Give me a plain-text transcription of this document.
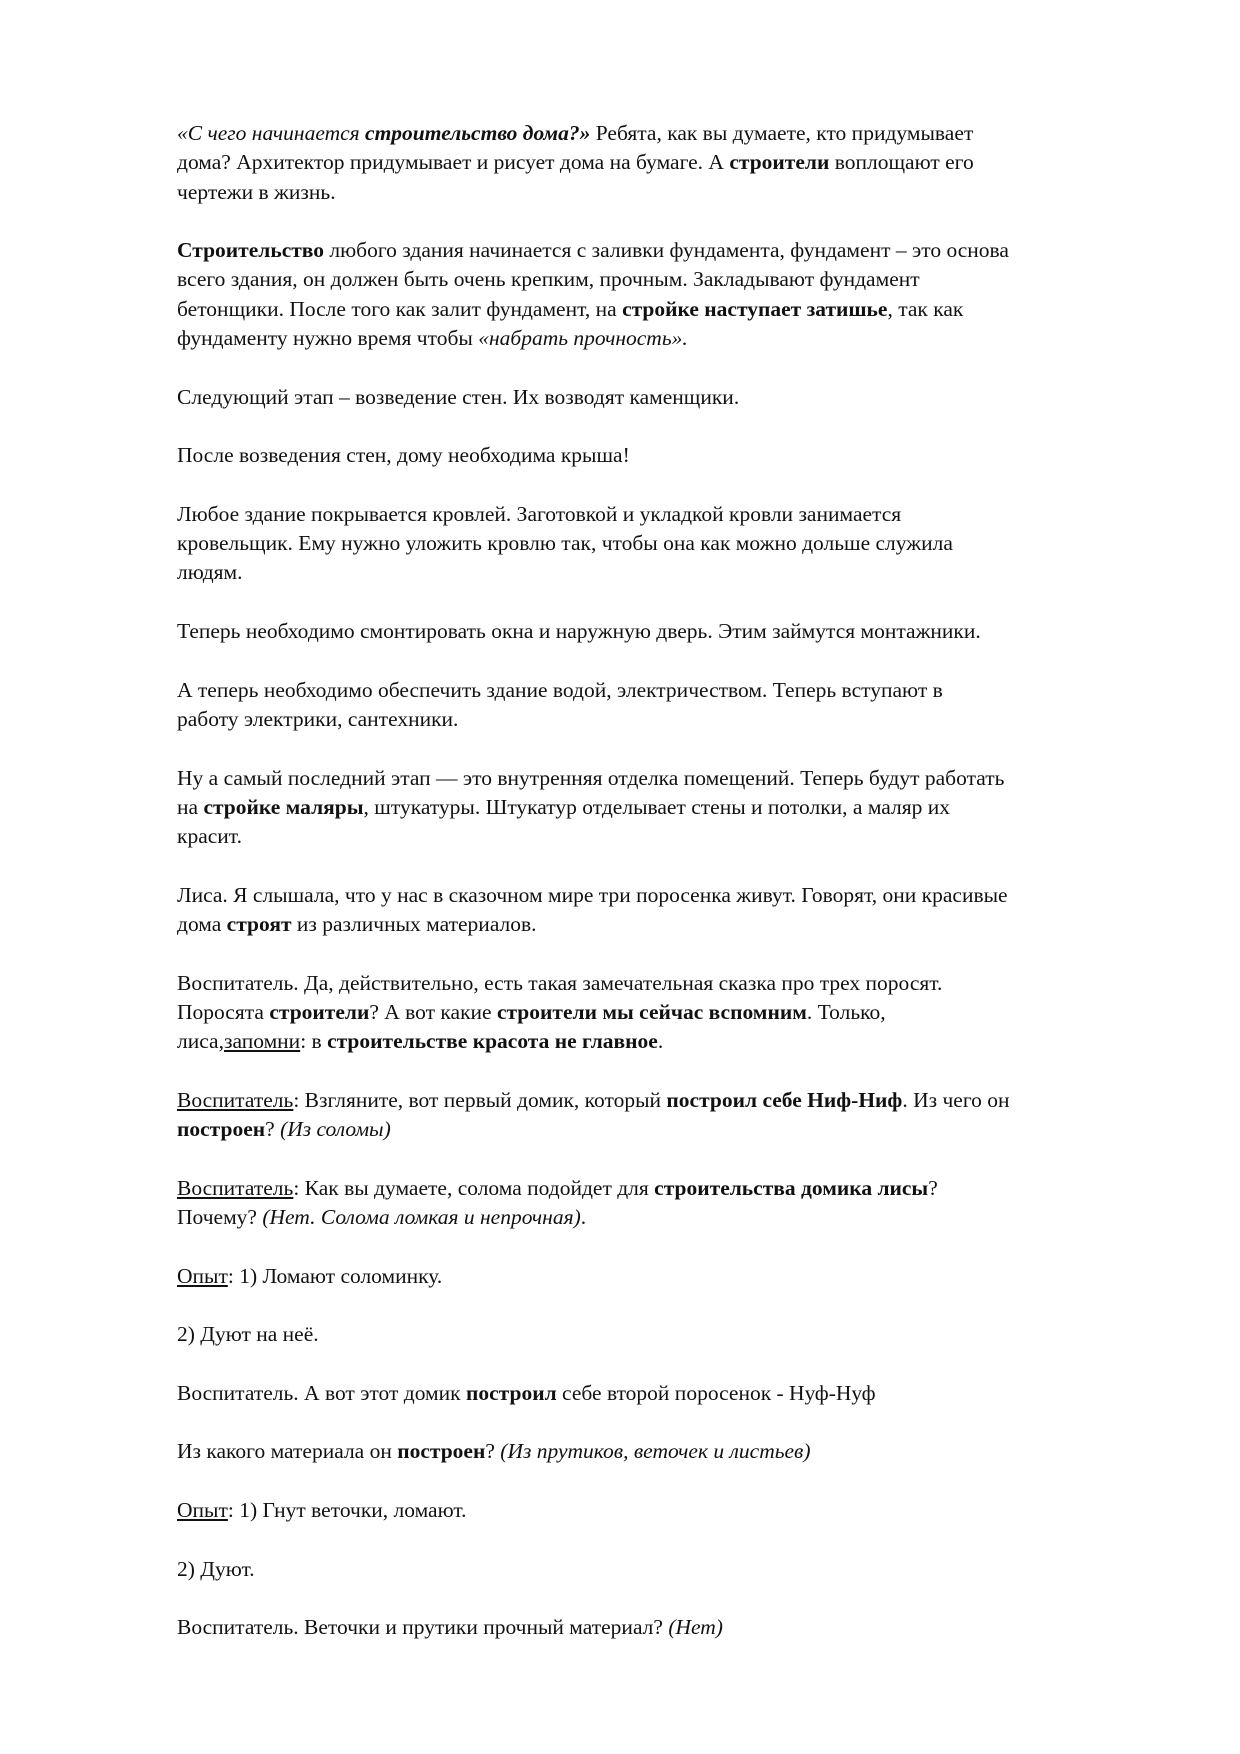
«С чего начинается строительство дома?» Ребята, как вы думаете, кто придумывает
дома? Архитектор придумывает и рисует дома на бумаге. А строители воплощают его
чертежи в жизнь.

Строительство любого здания начинается с заливки фундамента, фундамент – это основа
всего здания, он должен быть очень крепким, прочным. Закладывают фундамент
бетонщики. После того как залит фундамент, на стройке наступает затишье, так как
фундаменту нужно время чтобы «набрать прочность».

Следующий этап – возведение стен. Их возводят каменщики.

После возведения стен, дому необходима крыша!

Любое здание покрывается кровлей. Заготовкой и укладкой кровли занимается
кровельщик. Ему нужно уложить кровлю так, чтобы она как можно дольше служила
людям.

Теперь необходимо смонтировать окна и наружную дверь. Этим займутся монтажники.

А теперь необходимо обеспечить здание водой, электричеством. Теперь вступают в
работу электрики, сантехники.

Ну а самый последний этап — это внутренняя отделка помещений. Теперь будут работать
на стройке маляры, штукатуры. Штукатур отделывает стены и потолки, а маляр их
красит.

Лиса. Я слышала, что у нас в сказочном мире три поросенка живут. Говорят, они красивые
дома строят из различных материалов.

Воспитатель. Да, действительно, есть такая замечательная сказка про трех поросят.
Поросята строители? А вот какие строители мы сейчас вспомним. Только,
лиса,запомни: в строительстве красота не главное.

Воспитатель: Взгляните, вот первый домик, который построил себе Ниф-Ниф. Из чего он
построен? (Из соломы)

Воспитатель: Как вы думаете, солома подойдет для строительства домика лисы?
Почему? (Нет. Солома ломкая и непрочная).

Опыт: 1) Ломают соломинку.

2) Дуют на неё.

Воспитатель. А вот этот домик построил себе второй поросенок - Нуф-Нуф

Из какого материала он построен? (Из прутиков, веточек и листьев)

Опыт: 1) Гнут веточки, ломают.

2) Дуют.

Воспитатель. Веточки и прутики прочный материал? (Нет)
